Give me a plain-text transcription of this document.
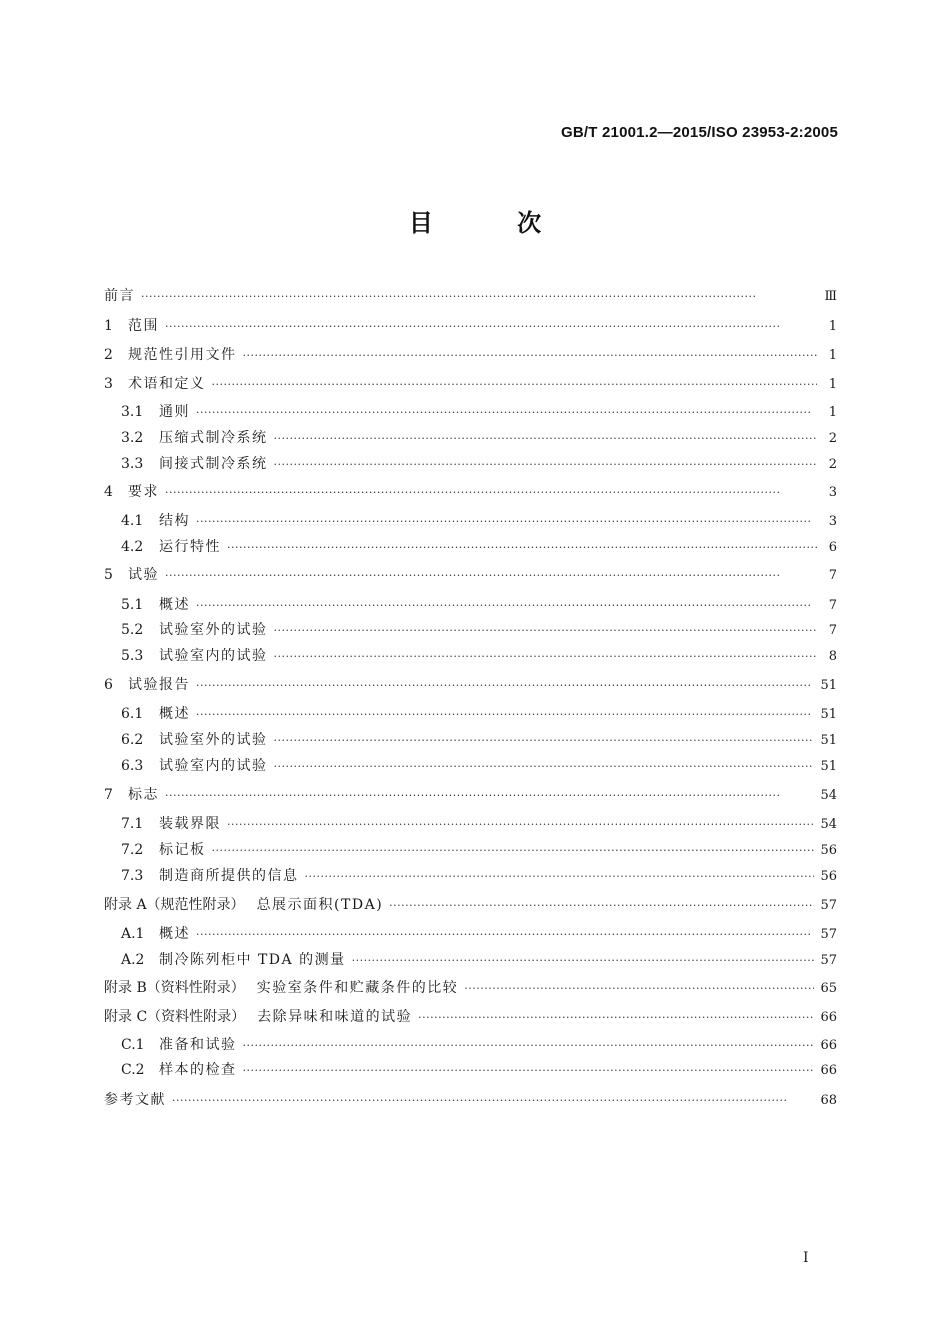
GB/T 21001.2—2015/ISO 23953-2:2005
目 次
前言 ·····	Ⅲ
1	范围 ·····	1
2	规范性引用文件 ·····	1
3	术语和定义 ·····	1
3.1	通则 ·····	1
3.2	压缩式制冷系统 ·····	2
3.3	间接式制冷系统 ·····	2
4	要求 ·····	3
4.1	结构 ·····	3
4.2	运行特性 ·····	6
5	试验 ·····	7
5.1	概述 ·····	7
5.2	试验室外的试验 ·····	7
5.3	试验室内的试验 ·····	8
6	试验报告 ·····	51
6.1	概述 ·····	51
6.2	试验室外的试验 ·····	51
6.3	试验室内的试验 ·····	51
7	标志 ·····	54
7.1	装载界限 ·····	54
7.2	标记板 ·····	56
7.3	制造商所提供的信息 ·····	56
附录 A（规范性附录） 总展示面积(TDA) ·····	57
A.1	概述 ·····	57
A.2	制冷陈列柜中 TDA 的测量 ·····	57
附录 B（资料性附录） 实验室条件和贮藏条件的比较 ·····	65
附录 C（资料性附录） 去除异味和味道的试验 ·····	66
C.1	准备和试验 ·····	66
C.2	样本的检查 ·····	66
参考文献 ·····	68
I
